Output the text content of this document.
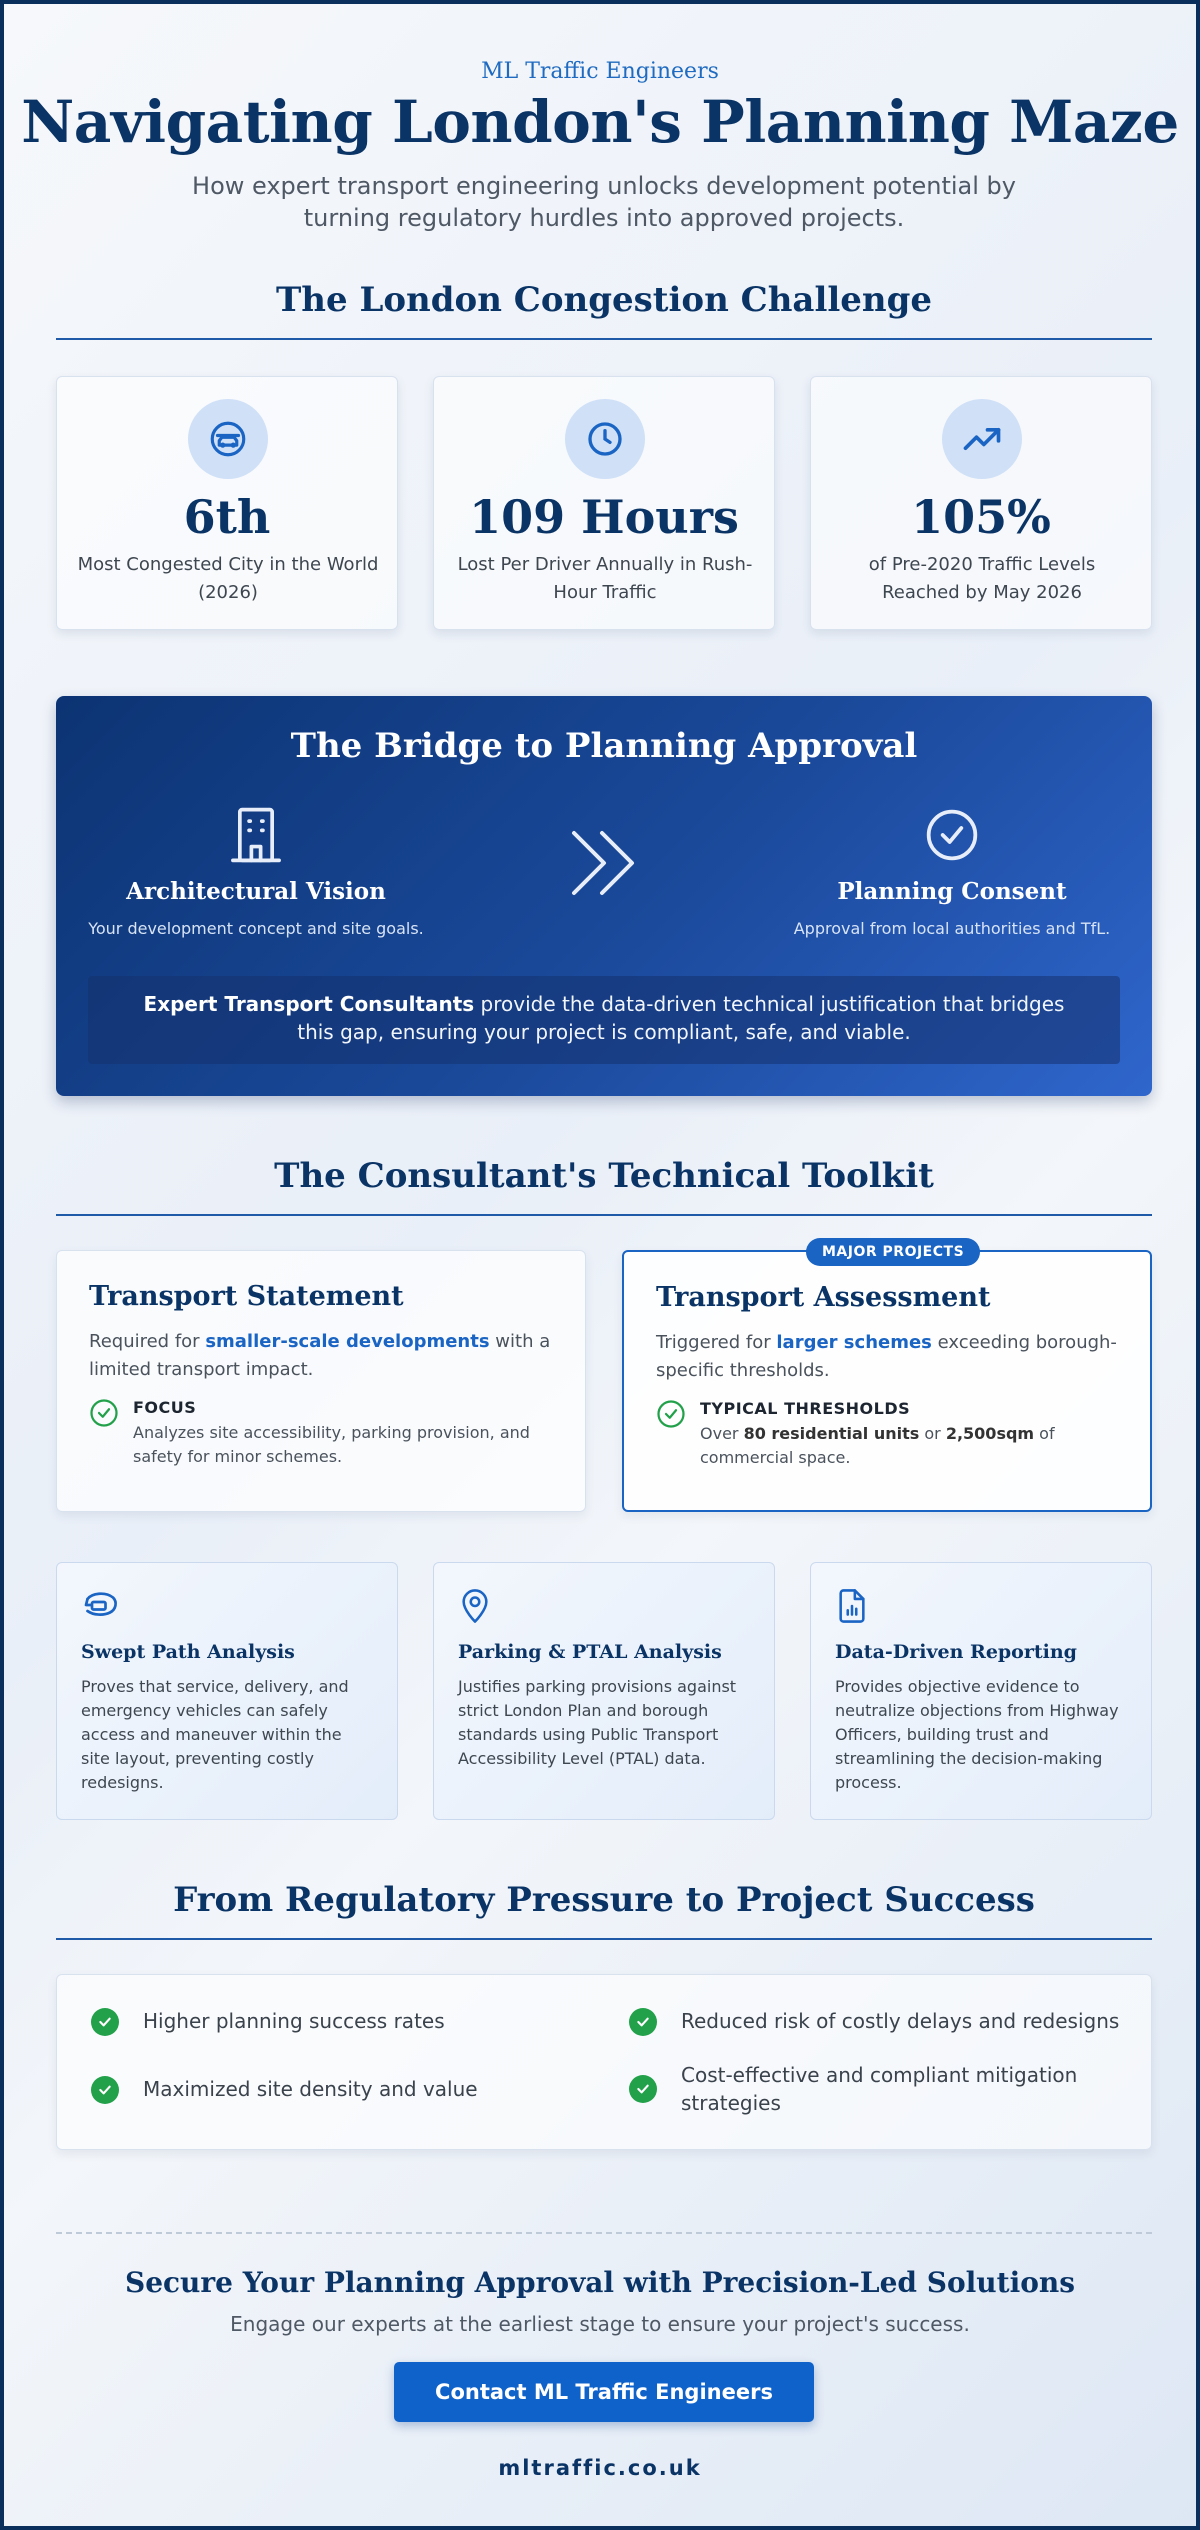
ML Traffic Engineers
Navigating London's Planning Maze
How expert transport engineering unlocks development potential by turning regulatory hurdles into approved projects.
The London Congestion Challenge
6th
Most Congested City in the World (2026)
109 Hours
Lost Per Driver Annually in Rush-Hour Traffic
105%
of Pre-2020 Traffic Levels Reached by May 2026
The Bridge to Planning Approval
Architectural Vision
Your development concept and site goals.
Planning Consent
Approval from local authorities and TfL.
Expert Transport Consultants provide the data-driven technical justification that bridges this gap, ensuring your project is compliant, safe, and viable.
The Consultant's Technical Toolkit
Transport Statement
Required for smaller-scale developments with a limited transport impact.
FOCUS
Analyzes site accessibility, parking provision, and safety for minor schemes.
MAJOR PROJECTS
Transport Assessment
Triggered for larger schemes exceeding borough-specific thresholds.
TYPICAL THRESHOLDS
Over 80 residential units or 2,500sqm of commercial space.
Swept Path Analysis
Proves that service, delivery, and emergency vehicles can safely access and maneuver within the site layout, preventing costly redesigns.
Parking & PTAL Analysis
Justifies parking provisions against strict London Plan and borough standards using Public Transport Accessibility Level (PTAL) data.
Data-Driven Reporting
Provides objective evidence to neutralize objections from Highway Officers, building trust and streamlining the decision-making process.
From Regulatory Pressure to Project Success
Higher planning success rates	Reduced risk of costly delays and redesigns
Maximized site density and value
Cost-effective and compliant mitigation strategies
Secure Your Planning Approval with Precision-Led Solutions
Engage our experts at the earliest stage to ensure your project's success.
Contact ML Traffic Engineers
mltraffic.co.uk
